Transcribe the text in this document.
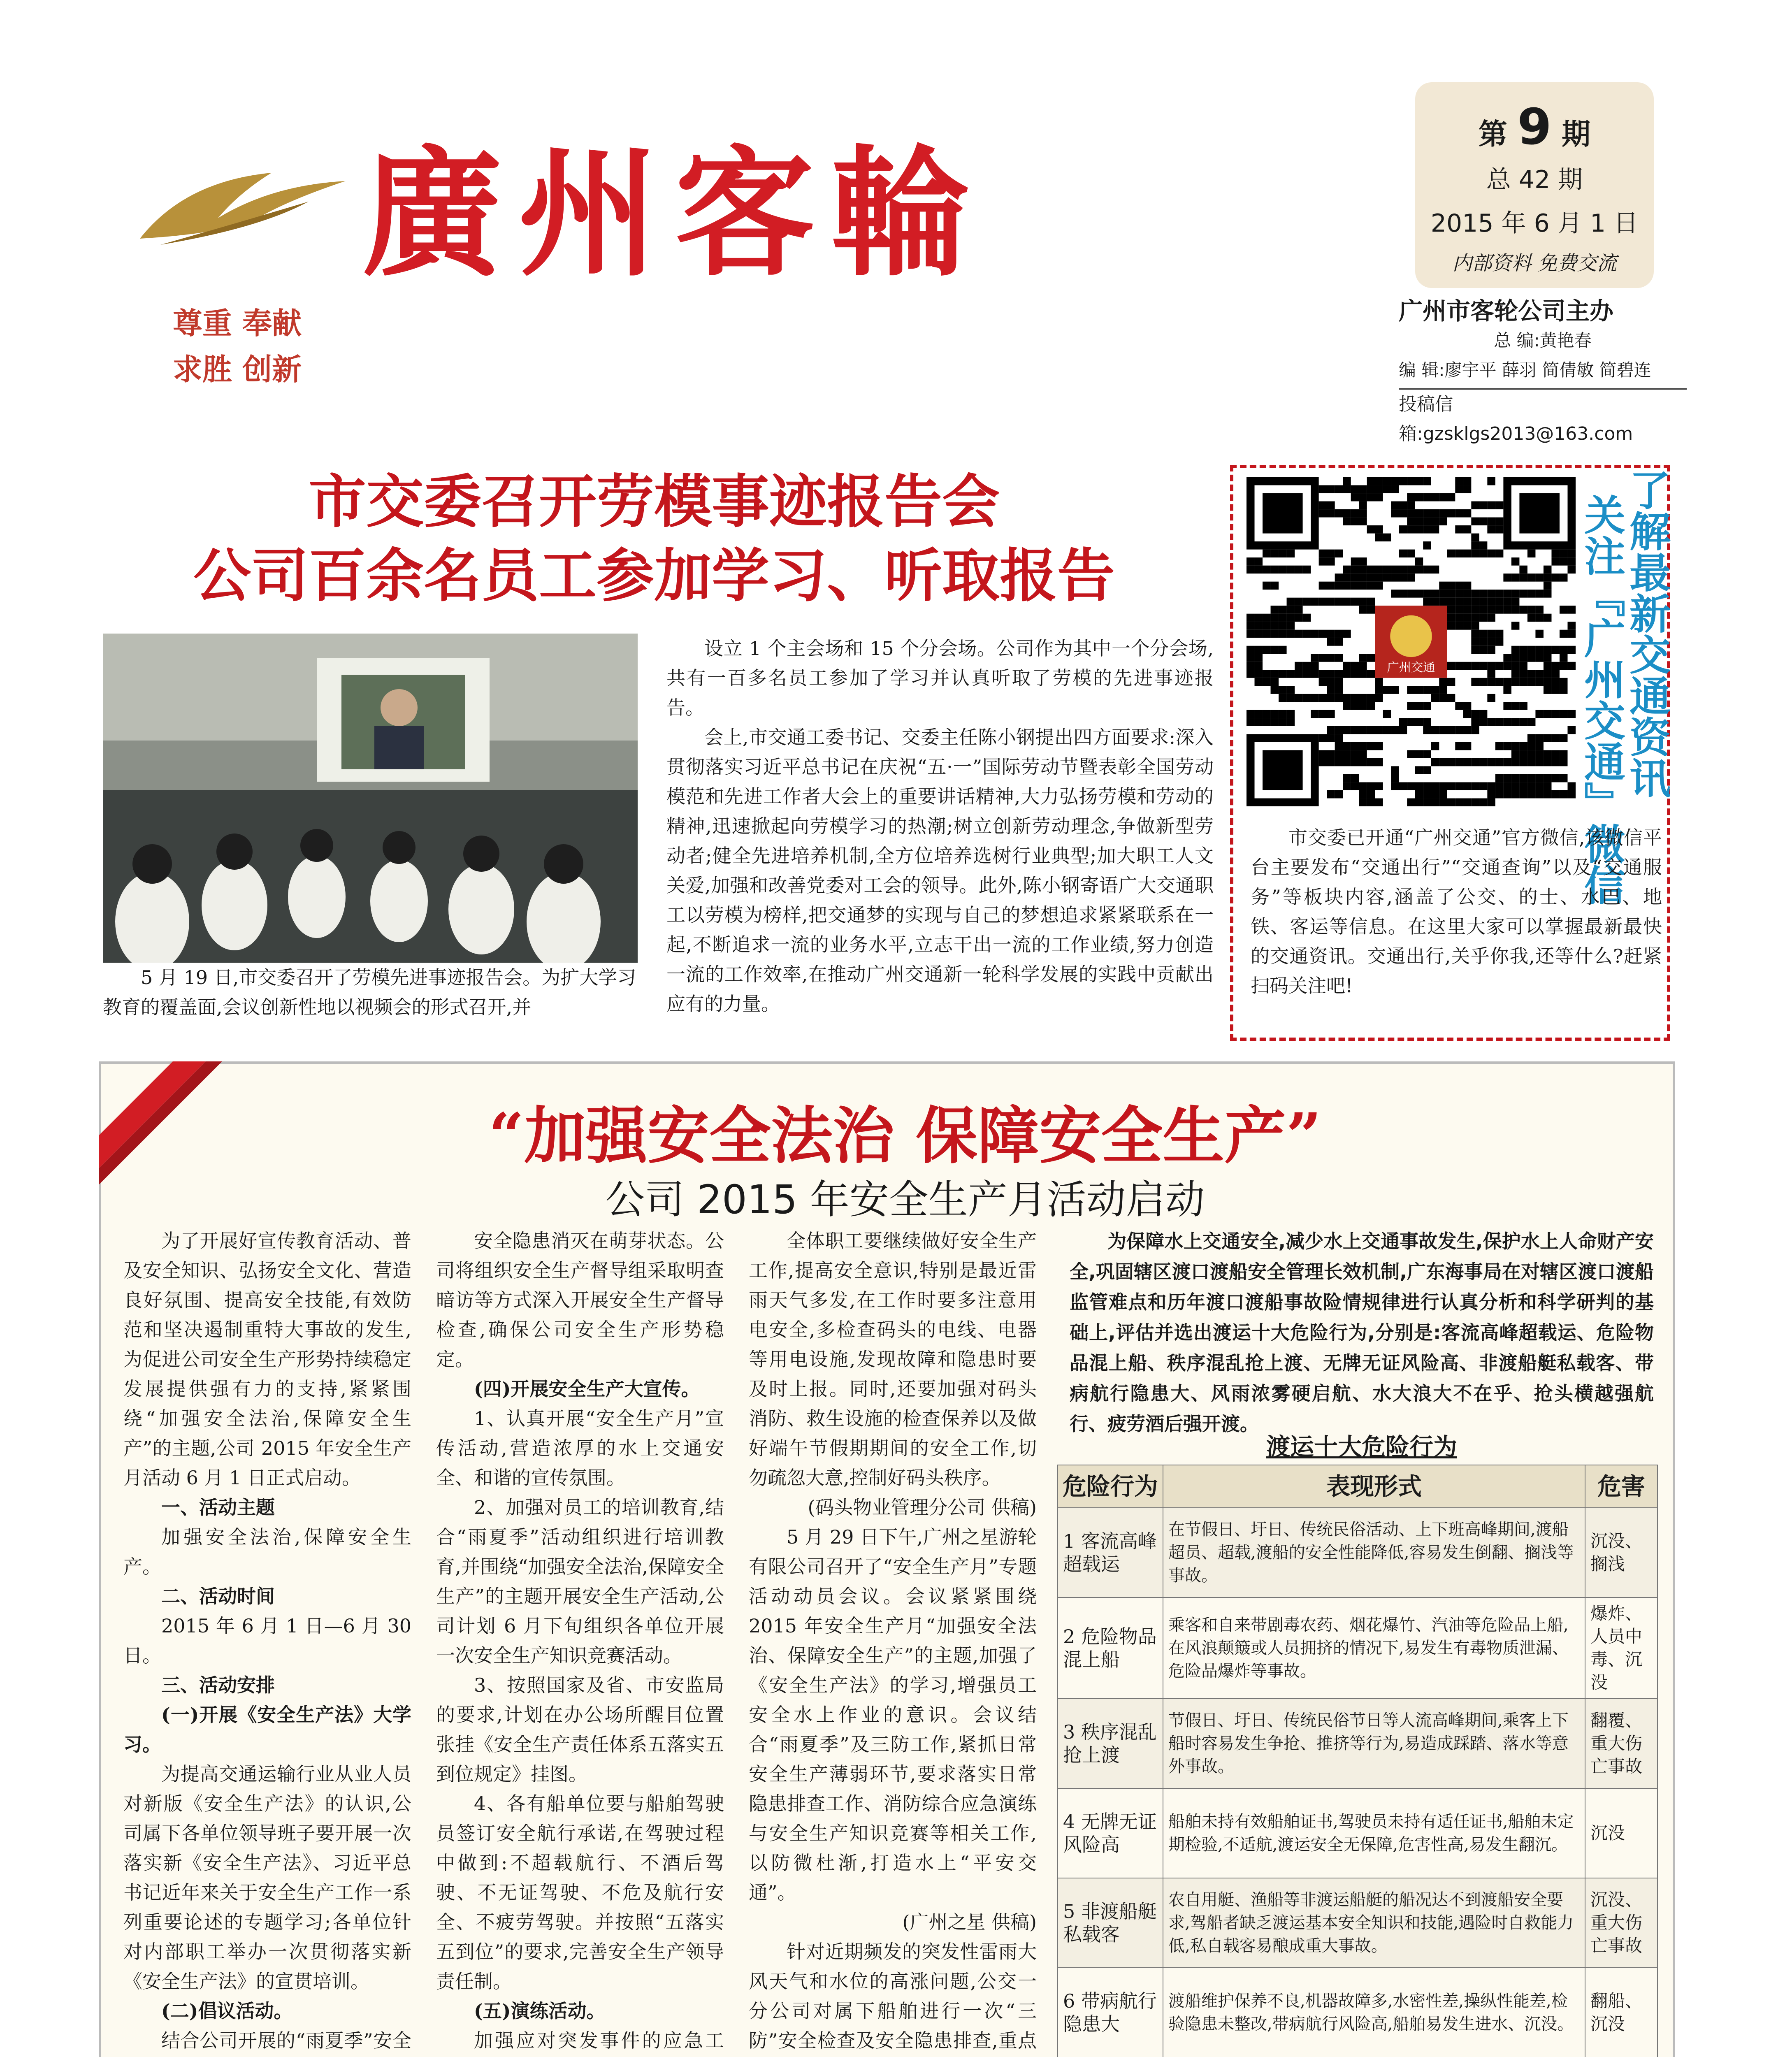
廣州客輪
尊重 奉献
求胜 创新
第 9 期
总 42 期
2015 年 6 月 1 日
内部资料 免费交流
广州市客轮公司主办
总 编:黄艳春
编 辑:廖宇平 薛羽 简倩敏 简碧连
投稿信箱:gzsklgs2013@163.com
市交委召开劳模事迹报告会
公司百余名员工参加学习、听取报告
5 月 19 日,市交委召开了劳模先进事迹报告会。为扩大学习教育的覆盖面,会议创新性地以视频会的形式召开,并

设立 1 个主会场和 15 个分会场。公司作为其中一个分会场,共有一百多名员工参加了学习并认真听取了劳模的先进事迹报告。

会上,市交通工委书记、交委主任陈小钢提出四方面要求:深入贯彻落实习近平总书记在庆祝“五·一”国际劳动节暨表彰全国劳动模范和先进工作者大会上的重要讲话精神,大力弘扬劳模和劳动的精神,迅速掀起向劳模学习的热潮;树立创新劳动理念,争做新型劳动者;健全先进培养机制,全方位培养选树行业典型;加大职工人文关爱,加强和改善党委对工会的领导。此外,陈小钢寄语广大交通职工以劳模为榜样,把交通梦的实现与自己的梦想追求紧紧联系在一起,不断追求一流的业务水平,立志干出一流的工作业绩,努力创造一流的工作效率,在推动广州交通新一轮科学发展的实践中贡献出应有的力量。

广州交通	了解最新交通资讯
关注『广州交通』微信

市交委已开通“广州交通”官方微信,该微信平台主要发布“交通出行”“交通查询”以及“交通服务”等板块内容,涵盖了公交、的士、水巴、地铁、客运等信息。在这里大家可以掌握最新最快的交通资讯。交通出行,关乎你我,还等什么?赶紧扫码关注吧!

“加强安全法治 保障安全生产”
公司 2015 年安全生产月活动启动

为了开展好宣传教育活动、普及安全知识、弘扬安全文化、营造良好氛围、提高安全技能,有效防范和坚决遏制重特大事故的发生,为促进公司安全生产形势持续稳定发展提供强有力的支持,紧紧围绕“加强安全法治,保障安全生产”的主题,公司 2015 年安全生产月活动 6 月 1 日正式启动。

一、活动主题

加强安全法治,保障安全生产。

二、活动时间

2015 年 6 月 1 日—6 月 30 日。

三、活动安排

(一)开展《安全生产法》大学习。

为提高交通运输行业从业人员对新版《安全生产法》的认识,公司属下各单位领导班子要开展一次落实新《安全生产法》、习近平总书记近年来关于安全生产工作一系列重要论述的专题学习;各单位针对内部职工举办一次贯彻落实新《安全生产法》的宣贯培训。

(二)倡议活动。

结合公司开展的“雨夏季”安全

安全隐患消灭在萌芽状态。公司将组织安全生产督导组采取明查暗访等方式深入开展安全生产督导检查,确保公司安全生产形势稳定。

(四)开展安全生产大宣传。

1、认真开展“安全生产月”宣传活动,营造浓厚的水上交通安全、和谐的宣传氛围。

2、加强对员工的培训教育,结合“雨夏季”活动组织进行培训教育,并围绕“加强安全法治,保障安全生产”的主题开展安全生产活动,公司计划 6 月下旬组织各单位开展一次安全生产知识竞赛活动。

3、按照国家及省、市安监局的要求,计划在办公场所醒目位置张挂《安全生产责任体系五落实五到位规定》挂图。

4、各有船单位要与船舶驾驶员签订安全航行承诺,在驾驶过程中做到:不超载航行、不酒后驾驶、不无证驾驶、不危及航行安全、不疲劳驾驶。并按照“五落实五到位”的要求,完善安全生产领导责任制。

(五)演练活动。

加强应对突发事件的应急工

全体职工要继续做好安全生产工作,提高安全意识,特别是最近雷雨天气多发,在工作时要多注意用电安全,多检查码头的电线、电器等用电设施,发现故障和隐患时要及时上报。同时,还要加强对码头消防、救生设施的检查保养以及做好端午节假期期间的安全工作,切勿疏忽大意,控制好码头秩序。

(码头物业管理分公司 供稿)

5 月 29 日下午,广州之星游轮有限公司召开了“安全生产月”专题活动动员会议。会议紧紧围绕 2015 年安全生产月“加强安全法治、保障安全生产”的主题,加强了《安全生产法》的学习,增强员工安全水上作业的意识。会议结合“雨夏季”及三防工作,紧抓日常安全生产薄弱环节,要求落实日常隐患排查工作、消防综合应急演练与安全生产知识竞赛等相关工作,以防微杜渐,打造水上“平安交通”。

(广州之星 供稿)

针对近期频发的突发性雷雨大风天气和水位的高涨问题,公交一分公司对属下船舶进行一次“三防”安全检查及安全隐患排查,重点

为保障水上交通安全,减少水上交通事故发生,保护水上人命财产安全,巩固辖区渡口渡船安全管理长效机制,广东海事局在对辖区渡口渡船监管难点和历年渡口渡船事故险情规律进行认真分析和科学研判的基础上,评估并选出渡运十大危险行为,分别是:客流高峰超载运、危险物品混上船、秩序混乱抢上渡、无牌无证风险高、非渡船艇私载客、带病航行隐患大、风雨浓雾硬启航、水大浪大不在乎、抢头横越强航行、疲劳酒后强开渡。
渡运十大危险行为
危险行为	表现形式	危害
1 客流高峰超载运	在节假日、圩日、传统民俗活动、上下班高峰期间,渡船超员、超载,渡船的安全性能降低,容易发生倒翻、搁浅等事故。	沉没、搁浅
2 危险物品混上船	乘客和自来带剧毒农药、烟花爆竹、汽油等危险品上船,在风浪颠簸或人员拥挤的情况下,易发生有毒物质泄漏、危险品爆炸等事故。	爆炸、人员中毒、沉没
3 秩序混乱抢上渡	节假日、圩日、传统民俗节日等人流高峰期间,乘客上下船时容易发生争抢、推挤等行为,易造成踩踏、落水等意外事故。	翻覆、重大伤亡事故
4 无牌无证风险高	船舶未持有效船舶证书,驾驶员未持有适任证书,船舶未定期检验,不适航,渡运安全无保障,危害性高,易发生翻沉。	沉没
5 非渡船艇私载客	农自用艇、渔船等非渡运船艇的船况达不到渡船安全要求,驾船者缺乏渡运基本安全知识和技能,遇险时自救能力低,私自载客易酿成重大事故。	沉没、重大伤亡事故
6 带病航行隐患大	渡船维护保养不良,机器故障多,水密性差,操纵性能差,检验隐患未整改,带病航行风险高,船舶易发生进水、沉没。	翻船、沉没
